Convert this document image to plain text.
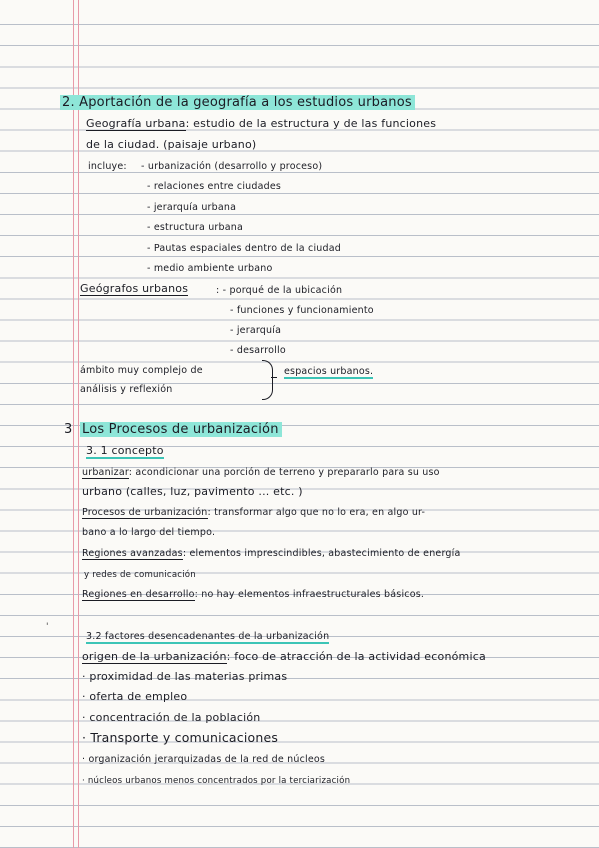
2. Aportación de la geografía a los estudios urbanos
Geografía urbana: estudio de la estructura y de las funciones
de la ciudad. (paisaje urbano)
incluye: - urbanización (desarrollo y proceso)
- relaciones entre ciudades
- jerarquía urbana
- estructura urbana
- Pautas espaciales dentro de la ciudad
- medio ambiente urbano
Geógrafos urbanos	: - porqué de la ubicación
- funciones y funcionamiento
- jerarquía
- desarrollo
ámbito muy complejo de
análisis y reflexión
espacios urbanos.
3 Los Procesos de urbanización
3. 1 concepto
urbanizar: acondicionar una porción de terreno y prepararlo para su uso
urbano (calles, luz, pavimento ... etc. )
Procesos de urbanización: transformar algo que no lo era, en algo ur-
bano a lo largo del tiempo.
Regiones avanzadas: elementos imprescindibles, abastecimiento de energía
y redes de comunicación
Regiones en desarrollo: no hay elementos infraestructurales básicos.
'
3.2 factores desencadenantes de la urbanización
origen de la urbanización: foco de atracción de la actividad económica
· proximidad de las materias primas
· oferta de empleo
· concentración de la población
· Transporte y comunicaciones
· organización jerarquizadas de la red de núcleos
· núcleos urbanos menos concentrados por la terciarización
